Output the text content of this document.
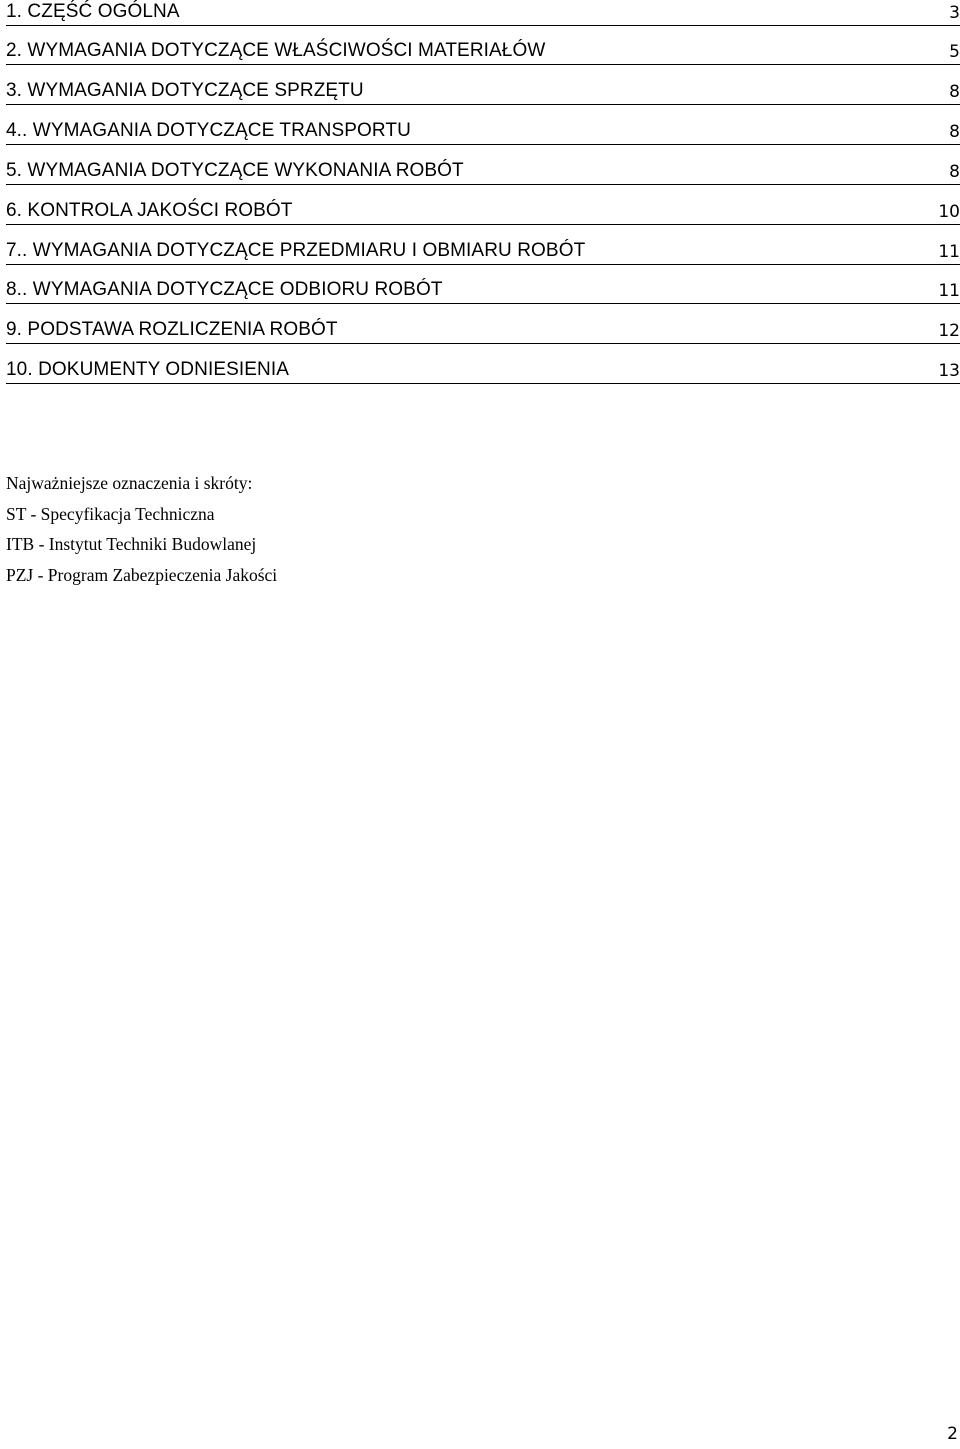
1. CZĘŚĆ OGÓLNA	3
2. WYMAGANIA DOTYCZĄCE WŁAŚCIWOŚCI MATERIAŁÓW	5
3. WYMAGANIA DOTYCZĄCE SPRZĘTU	8
4.. WYMAGANIA DOTYCZĄCE TRANSPORTU	8
5. WYMAGANIA DOTYCZĄCE WYKONANIA ROBÓT	8
6. KONTROLA JAKOŚCI ROBÓT	10
7.. WYMAGANIA DOTYCZĄCE PRZEDMIARU I OBMIARU ROBÓT	11
8.. WYMAGANIA DOTYCZĄCE ODBIORU ROBÓT	11
9. PODSTAWA ROZLICZENIA ROBÓT	12
10. DOKUMENTY ODNIESIENIA	13
Najważniejsze oznaczenia i skróty:
ST - Specyfikacja Techniczna
ITB - Instytut Techniki Budowlanej
PZJ - Program Zabezpieczenia Jakości
2
